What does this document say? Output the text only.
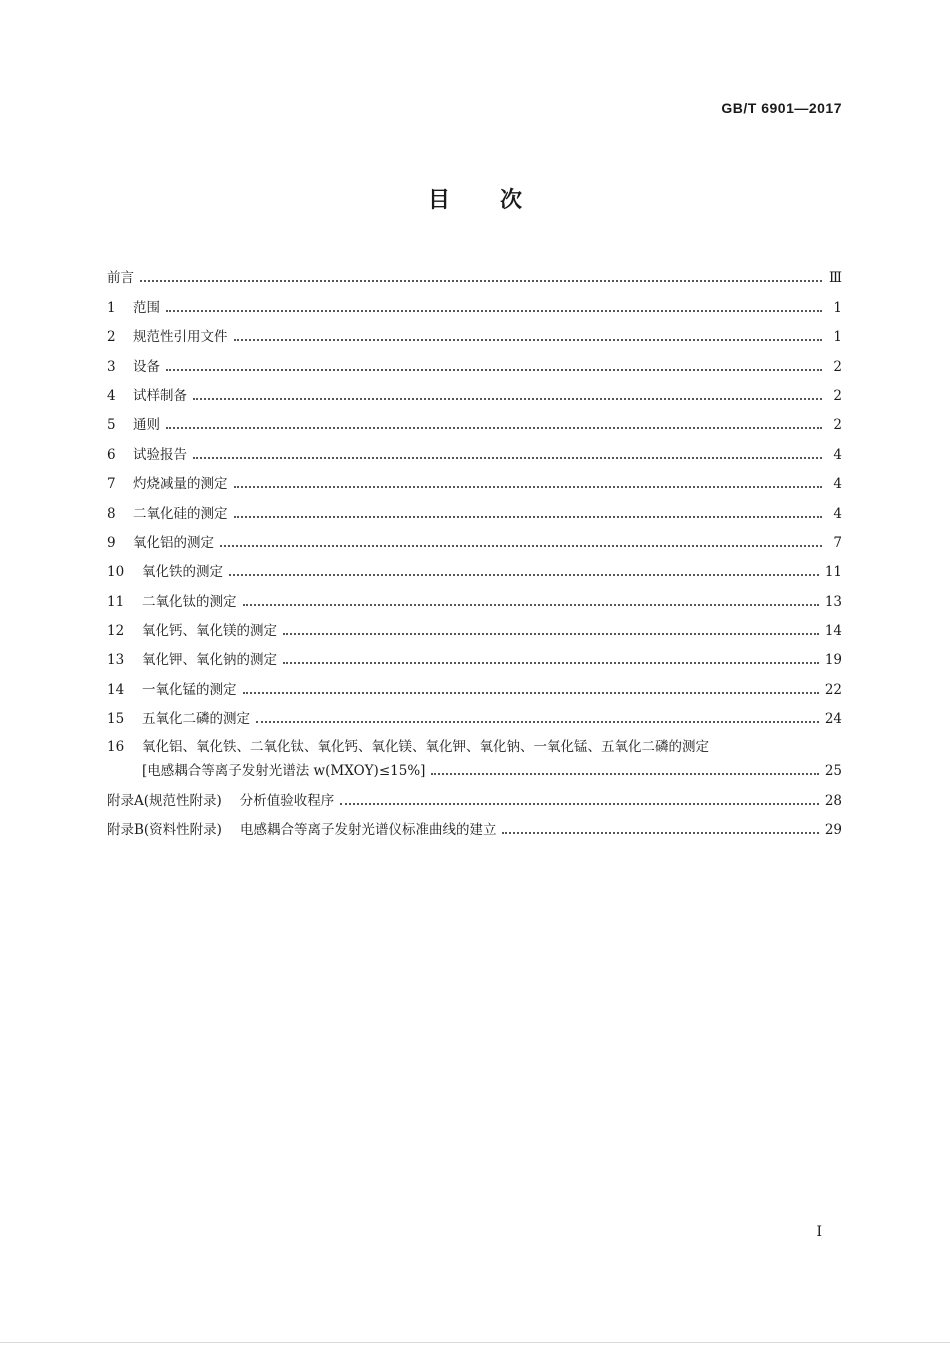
GB/T 6901—2017
目次
前言	Ⅲ
1	范围	1
2	规范性引用文件	1
3	设备	2
4	试样制备	2
5	通则	2
6	试验报告	4
7	灼烧减量的测定	4
8	二氧化硅的测定	4
9	氧化铝的测定	7
10	氧化铁的测定	11
11	二氧化钛的测定	13
12	氧化钙、氧化镁的测定	14
13	氧化钾、氧化钠的测定	19
14	一氧化锰的测定	22
15	五氧化二磷的测定	24
16	氧化铝、氧化铁、二氧化钛、氧化钙、氧化镁、氧化钾、氧化钠、一氧化锰、五氧化二磷的测定
[电感耦合等离子发射光谱法 w(MXOY)≤15%]	25
附录A(规范性附录) 分析值验收程序	28
附录B(资料性附录) 电感耦合等离子发射光谱仪标准曲线的建立	29
I
